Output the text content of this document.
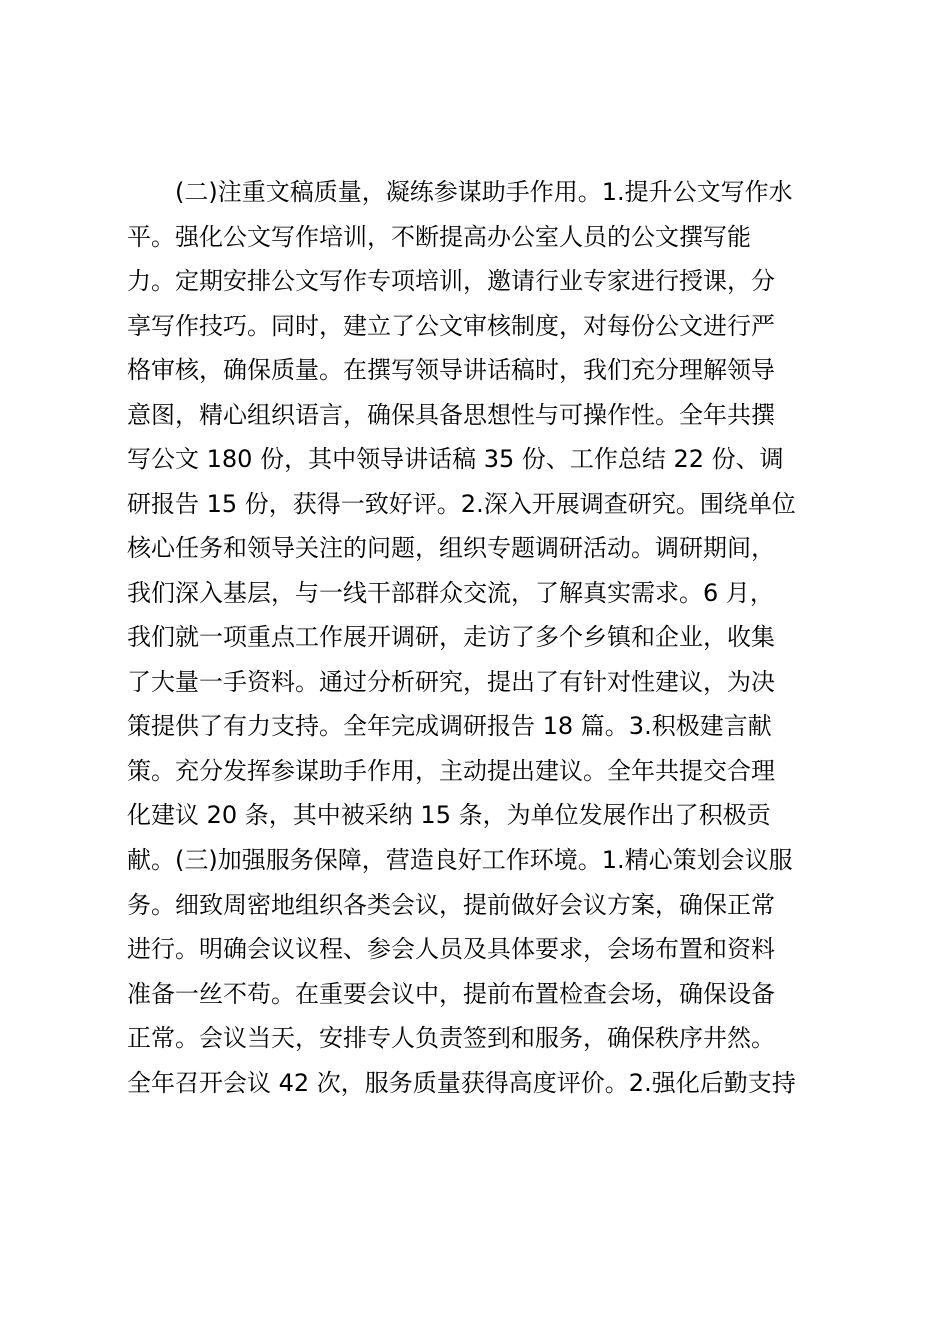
(二)注重文稿质量，凝练参谋助手作用。1.提升公文写作水
平。强化公文写作培训，不断提高办公室人员的公文撰写能
力。定期安排公文写作专项培训，邀请行业专家进行授课，分
享写作技巧。同时，建立了公文审核制度，对每份公文进行严
格审核，确保质量。在撰写领导讲话稿时，我们充分理解领导
意图，精心组织语言，确保具备思想性与可操作性。全年共撰
写公文 180 份，其中领导讲话稿 35 份、工作总结 22 份、调
研报告 15 份，获得一致好评。2.深入开展调查研究。围绕单位
核心任务和领导关注的问题，组织专题调研活动。调研期间，
我们深入基层，与一线干部群众交流，了解真实需求。6 月，
我们就一项重点工作展开调研，走访了多个乡镇和企业，收集
了大量一手资料。通过分析研究，提出了有针对性建议，为决
策提供了有力支持。全年完成调研报告 18 篇。3.积极建言献
策。充分发挥参谋助手作用，主动提出建议。全年共提交合理
化建议 20 条，其中被采纳 15 条，为单位发展作出了积极贡
献。 (三)加强服务保障，营造良好工作环境。1.精心策划会议服
务。细致周密地组织各类会议，提前做好会议方案，确保正常
进行。明确会议议程、参会人员及具体要求，会场布置和资料
准备一丝不苟。在重要会议中，提前布置检查会场，确保设备
正常。会议当天，安排专人负责签到和服务，确保秩序井然。
全年召开会议 42 次，服务质量获得高度评价。2.强化后勤支持
